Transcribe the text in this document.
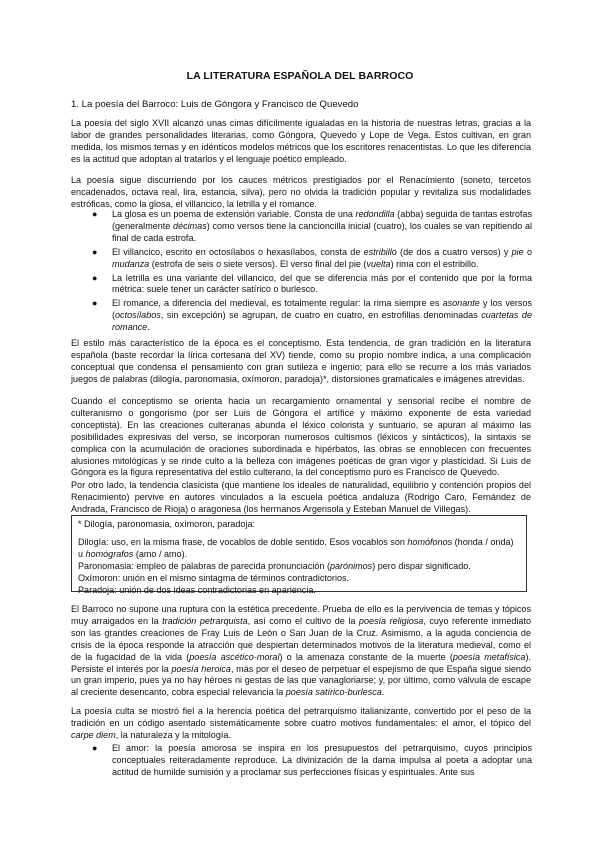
LA LITERATURA ESPAÑOLA DEL BARROCO

1. La poesía del Barroco: Luis de Góngora y Francisco de Quevedo

La poesía del siglo XVII alcanzó unas cimas difícilmente igualadas en la historia de nuestras letras, gracias a la labor de grandes personalidades literarias, como Góngora, Quevedo y Lope de Vega. Estos cultivan, en gran medida, los mismos temas y en idénticos modelos métricos que los escritores renacentistas. Lo que les diferencia es la actitud que adoptan al tratarlos y el lenguaje poético empleado.

La poesía sigue discurriendo por los cauces métricos prestigiados por el Renacimiento (soneto, tercetos encadenados, octava real, lira, estancia, silva), pero no olvida la tradición popular y revitaliza sus modalidades estróficas, como la glosa, el villancico, la letrilla y el romance.

● La glosa es un poema de extensión variable. Consta de una redondilla (abba) seguida de tantas estrofas (generalmente décimas) como versos tiene la cancioncilla inicial (cuatro), los cuales se van repitiendo al final de cada estrofa.
● El villancico, escrito en octosílabos o hexasílabos, consta de estribillo (de dos a cuatro versos) y pie o mudanza (estrofa de seis o siete versos). El verso final del pie (vuelta) rima con el estribillo.
● La letrilla es una variante del villancico, del que se diferencia más por el contenido que por la forma métrica: suele tener un carácter satírico o burlesco.
● El romance, a diferencia del medieval, es totalmente regular: la rima siempre es asonante y los versos (octosílabos, sin excepción) se agrupan, de cuatro en cuatro, en estrofillas denominadas cuartetas de romance.

El estilo más característico de la época es el conceptismo. Esta tendencia, de gran tradición en la literatura española (baste recordar la lírica cortesana del XV) tiende, como su propio nombre indica, a una complicación conceptual que condensa el pensamiento con gran sutileza e ingenio; para ello se recurre a los más variados juegos de palabras (dilogía, paronomasia, oxímoron, paradoja)*, distorsiones gramaticales e imágenes atrevidas.

Cuando el conceptismo se orienta hacia un recargamiento ornamental y sensorial recibe el nombre de culteranismo o gongorismo (por ser Luis de Góngora el artífice y máximo exponente de esta variedad conceptista). En las creaciones culteranas abunda el léxico colorista y suntuario, se apuran al máximo las posibilidades expresivas del verso, se incorporan numerosos cultismos (léxicos y sintácticos), la sintaxis se complica con la acumulación de oraciones subordinada e hipérbatos, las obras se ennoblecen con frecuentes alusiones mitológicas y se rinde culto a la belleza con imágenes poéticas de gran vigor y plasticidad. Si Luis de Góngora es la figura representativa del estilo culterano, la del conceptismo puro es Francisco de Quevedo.

Por otro lado, la tendencia clasicista (que mantiene los ideales de naturalidad, equilibrio y contención propios del Renacimiento) pervive en autores vinculados a la escuela poética andaluza (Rodrigo Caro, Fernández de Andrada, Francisco de Rioja) o aragonesa (los hermanos Argensola y Esteban Manuel de Villegas).

* Dilogía, paronomasia, oxímoron, paradoja:

Dilogía: uso, en la misma frase, de vocablos de doble sentido. Esos vocablos son homófonos (honda / onda) u homógrafos (amo / amo).

Paronomasia: empleo de palabras de parecida pronunciación (parónimos) pero dispar significado.

Oxímoron: unión en el mismo sintagma de términos contradictorios.

Paradoja: unión de dos ideas contradictorias en apariencia.

El Barroco no supone una ruptura con la estética precedente. Prueba de ello es la pervivencia de temas y tópicos muy arraigados en la tradición petrarquista, así como el cultivo de la poesía religiosa, cuyo referente inmediato son las grandes creaciones de Fray Luis de León o San Juan de la Cruz. Asimismo, a la aguda conciencia de crisis de la época responde la atracción que despiertan determinados motivos de la literatura medieval, como el de la fugacidad de la vida (poesía ascético-moral) o la amenaza constante de la muerte (poesía metafísica). Persiste el interés por la poesía heroica, más por el deseo de perpetuar el espejismo de que España sigue siendo un gran imperio, pues ya no hay héroes ni gestas de las que vanagloriarse; y, por último, como válvula de escape al creciente desencanto, cobra especial relevancia la poesía satírico-burlesca.

La poesía culta se mostró fiel a la herencia poética del petrarquismo italianizante, convertido por el peso de la tradición en un código asentado sistemáticamente sobre cuatro motivos fundamentales: el amor, el tópico del carpe diem, la naturaleza y la mitología.

● El amor: la poesía amorosa se inspira en los presupuestos del petrarquismo, cuyos principios conceptuales reiteradamente reproduce. La divinización de la dama impulsa al poeta a adoptar una actitud de humilde sumisión y a proclamar sus perfecciones físicas y espirituales. Ante sus
